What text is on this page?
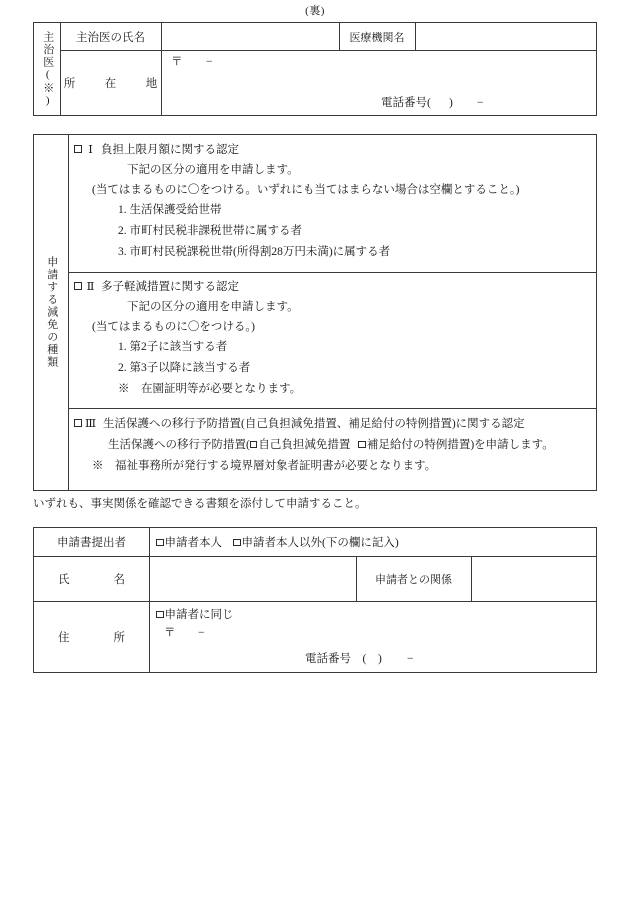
(裏)
主治医(※)	主治医の氏名	医療機関名
所　在　地
〒 −
電話番号( ) −
申請する減免の種類
Ⅰ 負担上限月額に関する認定
下記の区分の適用を申請します。
(当てはまるものに〇をつける。いずれにも当てはまらない場合は空欄とすること。)
1. 生活保護受給世帯
2. 市町村民税非課税世帯に属する者
3. 市町村民税課税世帯(所得割28万円未満)に属する者
Ⅱ 多子軽減措置に関する認定
下記の区分の適用を申請します。
(当てはまるものに〇をつける。)
1. 第2子に該当する者
2. 第3子以降に該当する者
※　在園証明等が必要となります。
Ⅲ 生活保護への移行予防措置(自己負担減免措置、補足給付の特例措置)に関する認定
生活保護への移行予防措置( 自己負担減免措置 補足給付の特例措置)を申請します。
※　福祉事務所が発行する境界層対象者証明書が必要となります。
いずれも、事実関係を確認できる書類を添付して申請すること。
申請書提出者	申請者本人 申請者本人以外(下の欄に記入)
氏　　名	申請者との関係
住　　所
申請者に同じ
〒 −
電話番号　( ) −
